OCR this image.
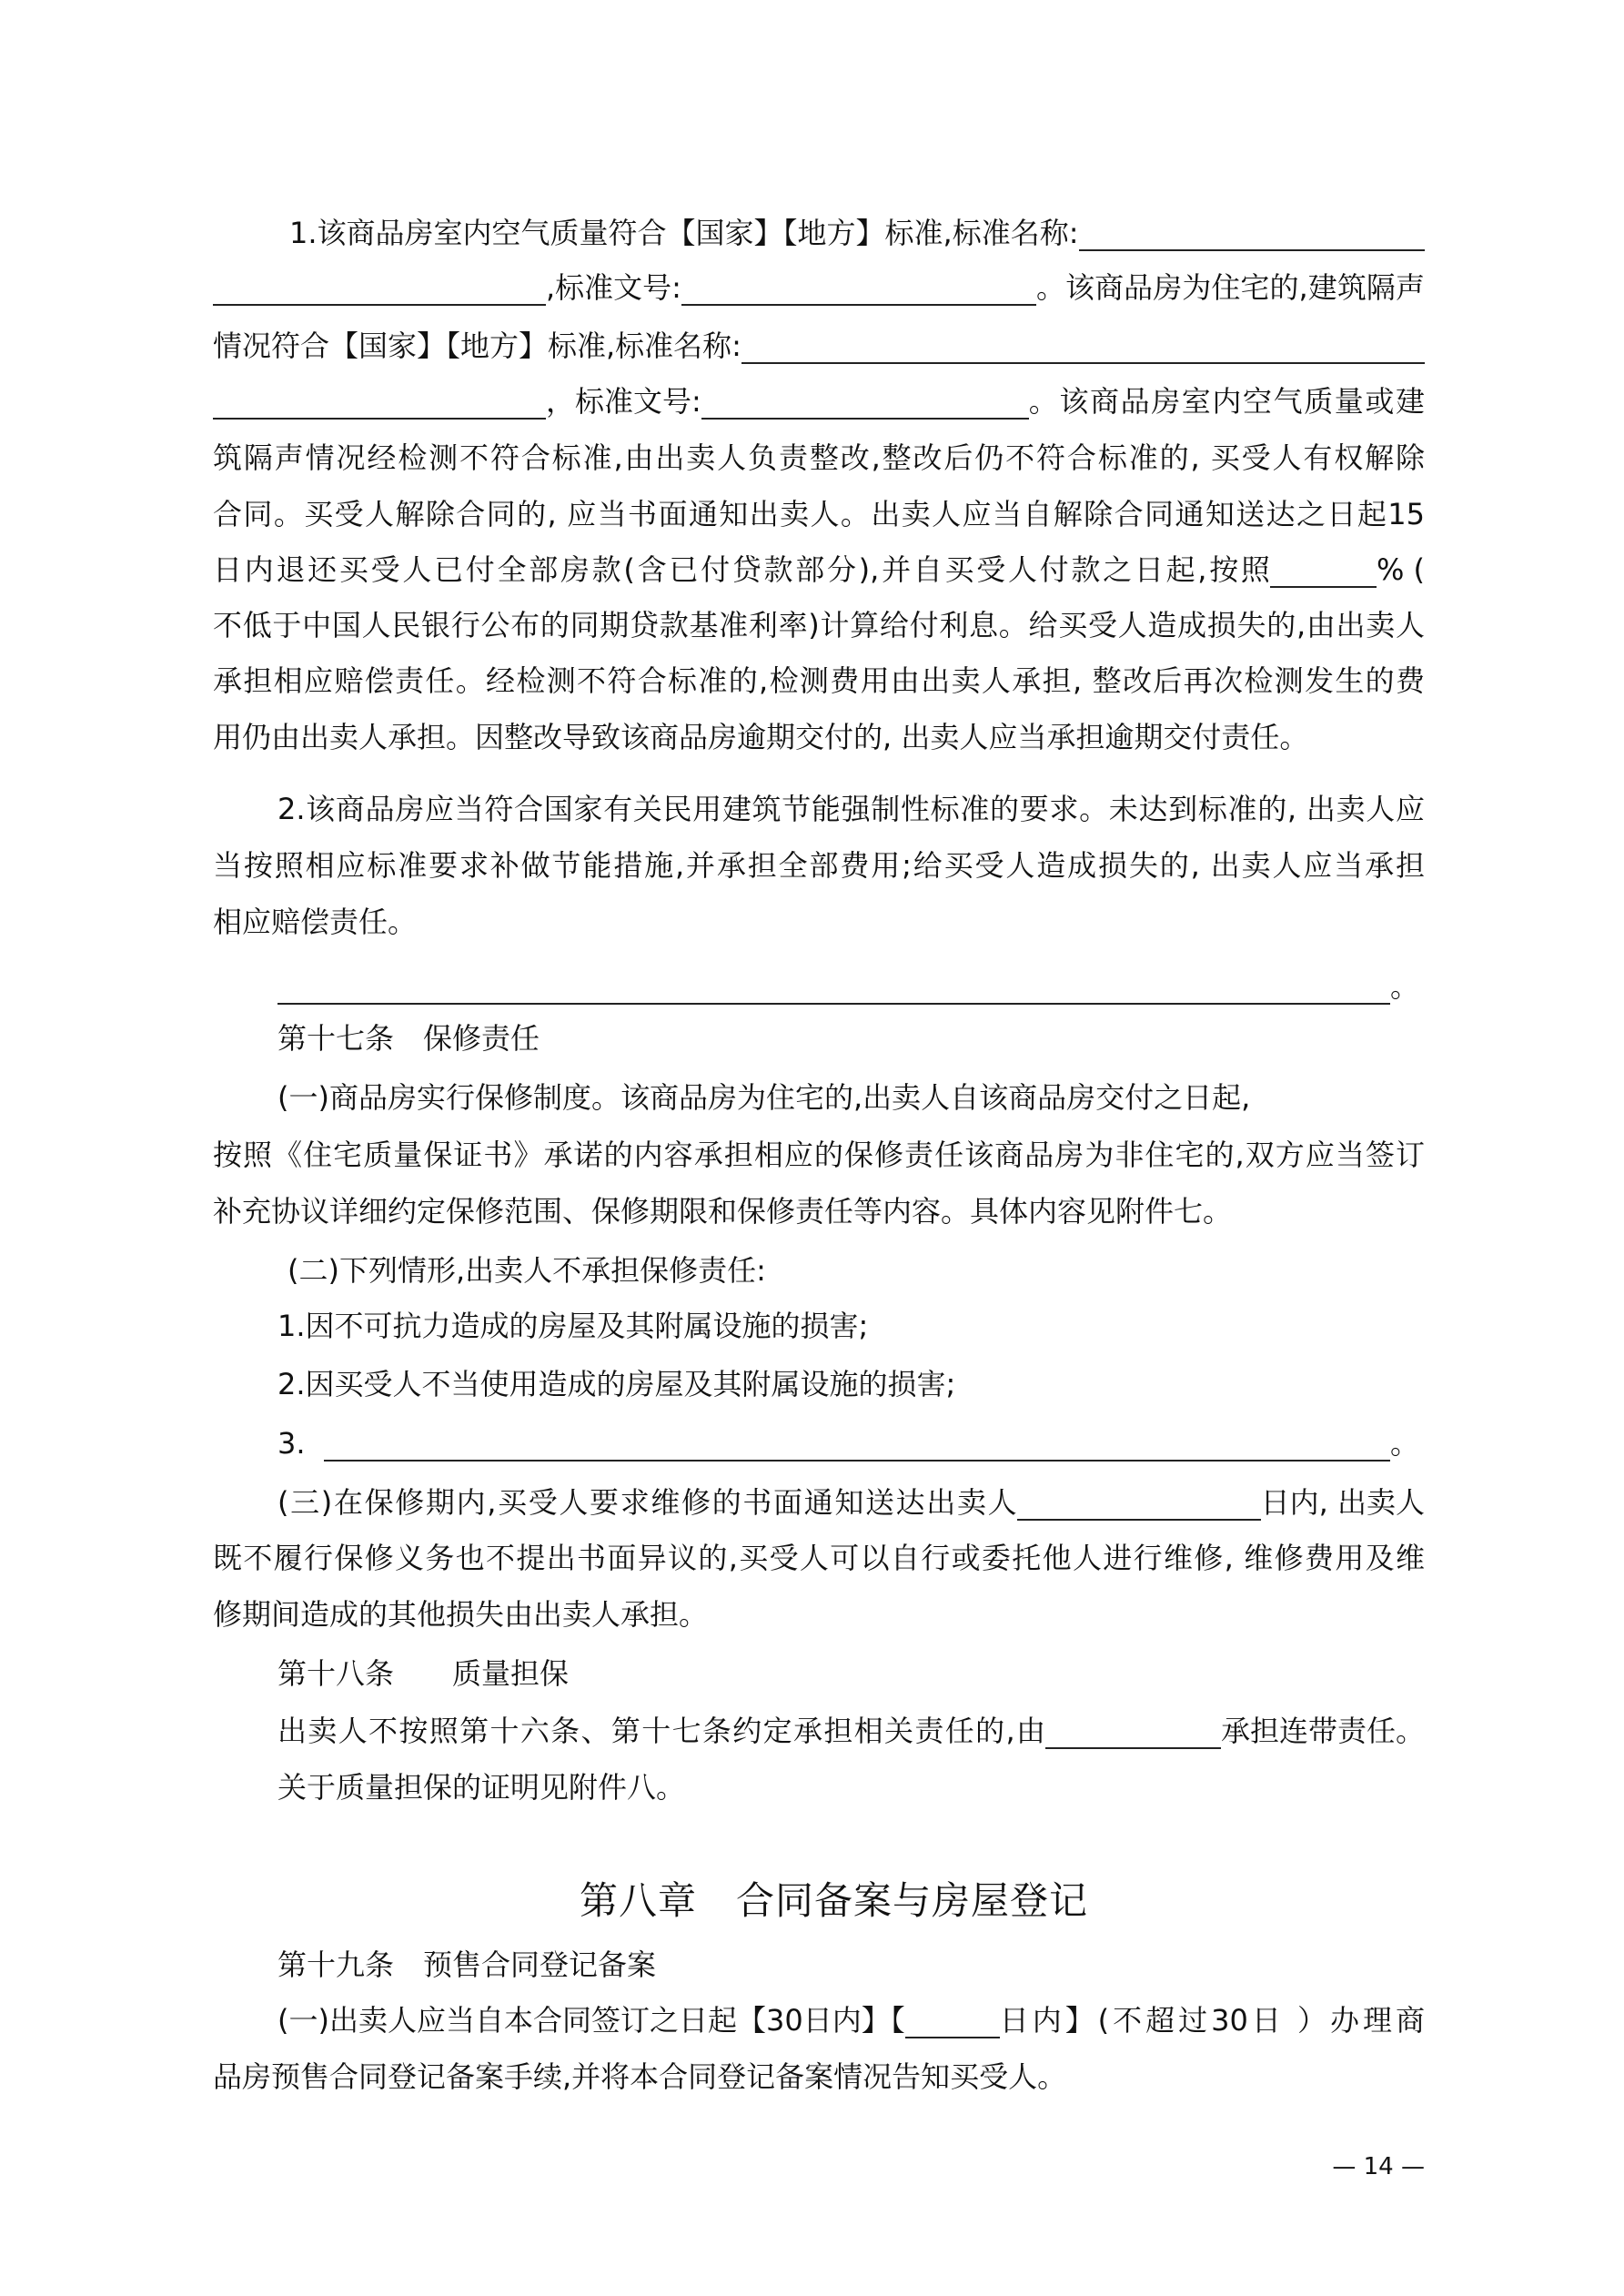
1.该商品房室内空气质量符合【国家】【地方】标准,标准名称:
,标准文号:	。该商品房为住宅的,建筑隔声
情况符合【国家】【地方】标准,标准名称:
，标准文号:	。该商品房室内空气质量或建
筑隔声情况经检测不符合标准,由出卖人负责整改,整改后仍不符合标准的, 买受人有权解除
合同。买受人解除合同的, 应当书面通知出卖人。出卖人应当自解除合同通知送达之日起15
日内退还买受人已付全部房款(含已付贷款部分),并自买受人付款之日起,按照	% (
不低于中国人民银行公布的同期贷款基准利率)计算给付利息。给买受人造成损失的,由出卖人
承担相应赔偿责任。经检测不符合标准的,检测费用由出卖人承担, 整改后再次检测发生的费
用仍由出卖人承担。因整改导致该商品房逾期交付的, 出卖人应当承担逾期交付责任。
2.该商品房应当符合国家有关民用建筑节能强制性标准的要求。未达到标准的, 出卖人应
当按照相应标准要求补做节能措施,并承担全部费用;给买受人造成损失的, 出卖人应当承担
相应赔偿责任。
。
第十七条　保修责任
(一)商品房实行保修制度。该商品房为住宅的,出卖人自该商品房交付之日起,
按照《住宅质量保证书》承诺的内容承担相应的保修责任该商品房为非住宅的,双方应当签订
补充协议详细约定保修范围、保修期限和保修责任等内容。具体内容见附件七。
(二)下列情形,出卖人不承担保修责任:
1.因不可抗力造成的房屋及其附属设施的损害;
2.因买受人不当使用造成的房屋及其附属设施的损害;
3.	。
(三)在保修期内,买受人要求维修的书面通知送达出卖人	日内, 出卖人
既不履行保修义务也不提出书面异议的,买受人可以自行或委托他人进行维修, 维修费用及维
修期间造成的其他损失由出卖人承担。
第十八条　　质量担保
出卖人不按照第十六条、第十七条约定承担相关责任的,由	承担连带责任。
关于质量担保的证明见附件八。
第八章　合同备案与房屋登记
第十九条　预售合同登记备案
(一)出卖人应当自本合同签订之日起【30日内】【	日内】(不超过30日 ）办理商
品房预售合同登记备案手续,并将本合同登记备案情况告知买受人。
— 14 —
